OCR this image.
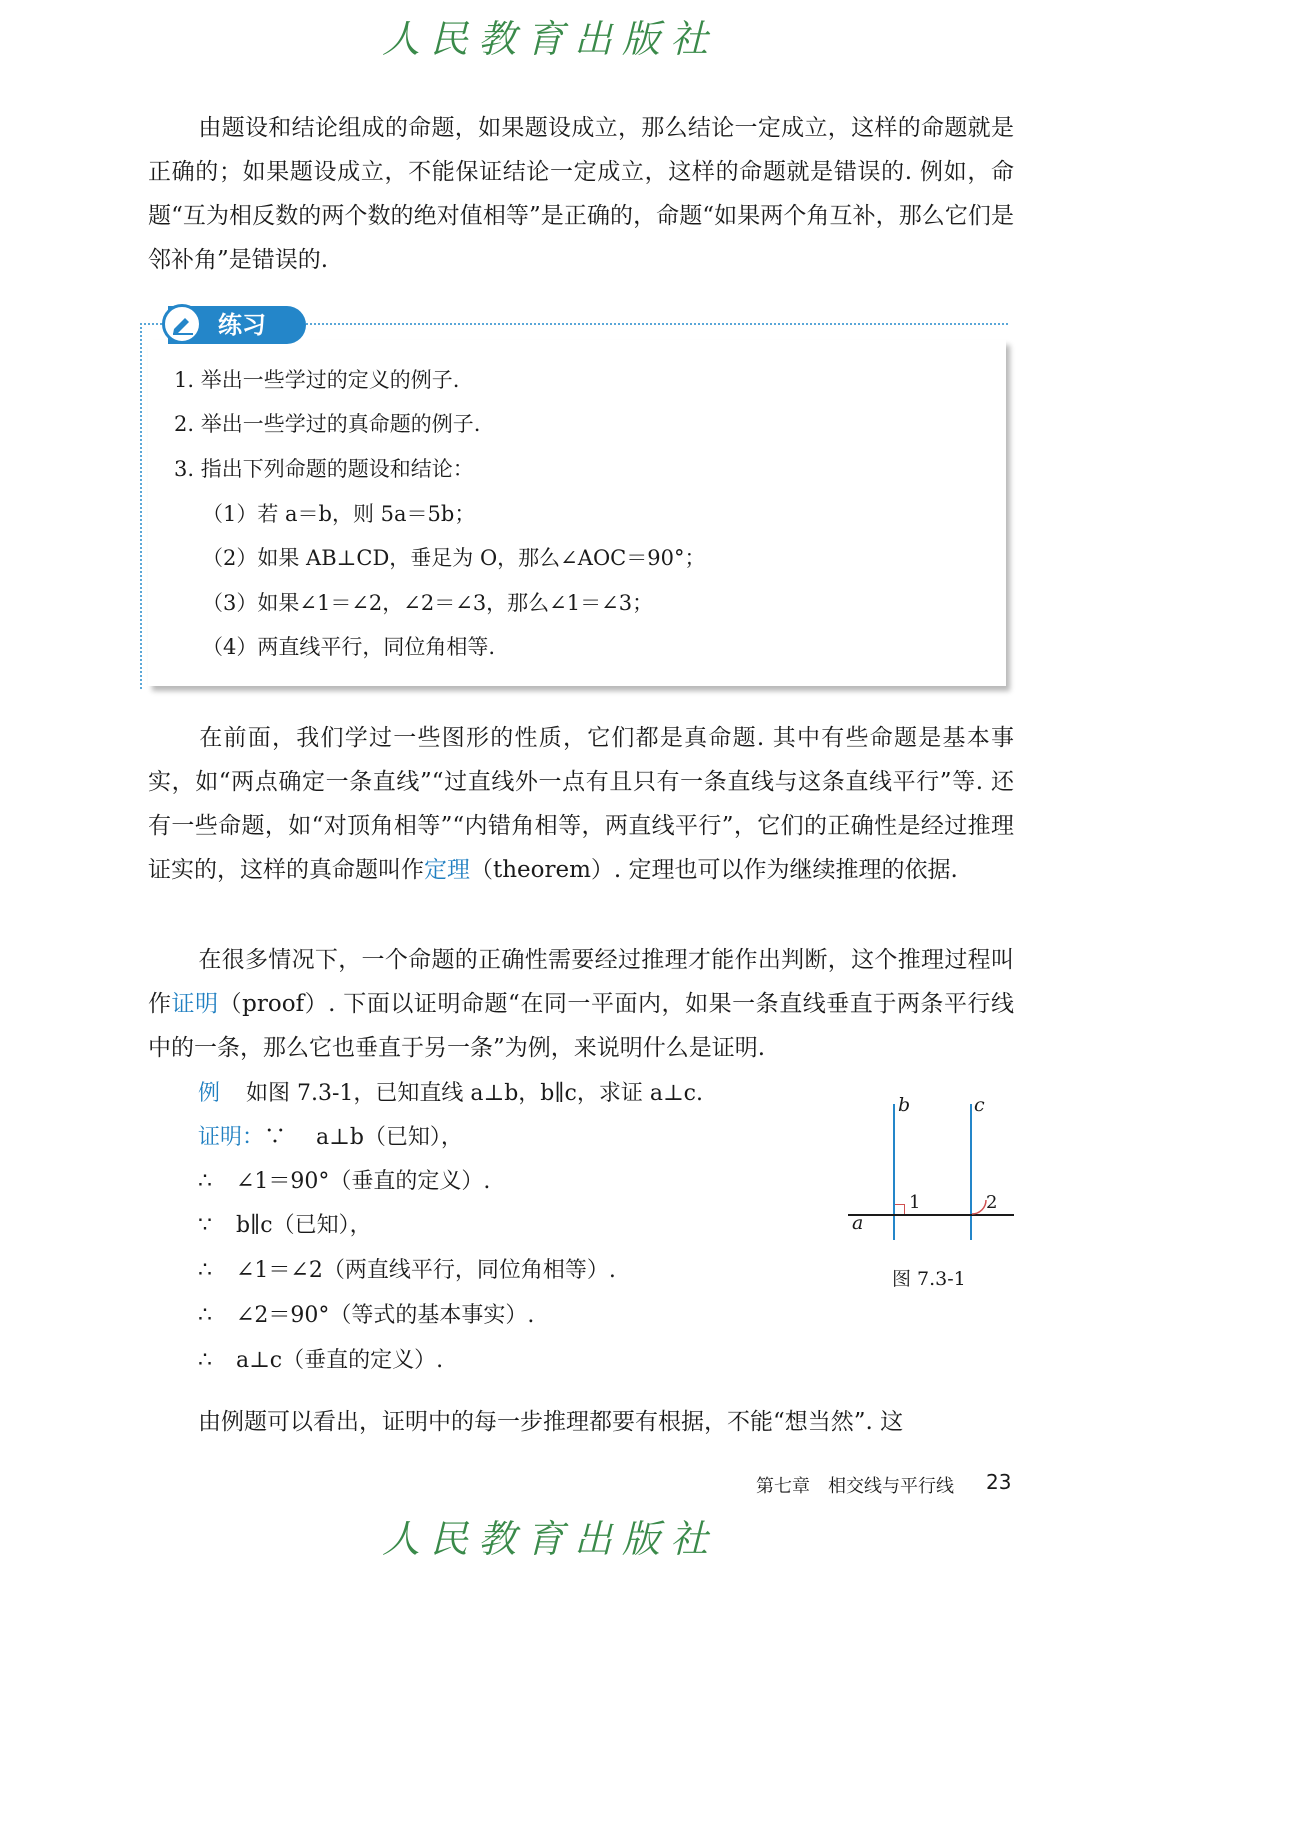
人民教育出版社

由题设和结论组成的命题，如果题设成立，那么结论一定成立，这样的命题就是正确的；如果题设成立，不能保证结论一定成立，这样的命题就是错误的. 例如，命题“互为相反数的两个数的绝对值相等”是正确的，命题“如果两个角互补，那么它们是邻补角”是错误的.

练习
1. 举出一些学过的定义的例子.
2. 举出一些学过的真命题的例子.
3. 指出下列命题的题设和结论：
（1）若 a＝b，则 5a＝5b；
（2）如果 AB⊥CD，垂足为 O，那么∠AOC＝90°；
（3）如果∠1＝∠2，∠2＝∠3，那么∠1＝∠3；
（4）两直线平行，同位角相等.

在前面，我们学过一些图形的性质，它们都是真命题. 其中有些命题是基本事实，如“两点确定一条直线”“过直线外一点有且只有一条直线与这条直线平行”等. 还有一些命题，如“对顶角相等”“内错角相等，两直线平行”，它们的正确性是经过推理证实的，这样的真命题叫作定理（theorem）. 定理也可以作为继续推理的依据.

在很多情况下，一个命题的正确性需要经过推理才能作出判断，这个推理过程叫作证明（proof）. 下面以证明命题“在同一平面内，如果一条直线垂直于两条平行线中的一条，那么它也垂直于另一条”为例，来说明什么是证明.

例 如图 7.3-1，已知直线 a⊥b，b∥c，求证 a⊥c.
证明：∵ a⊥b（已知），
∴ ∠1＝90°（垂直的定义）.
∵ b∥c（已知），
∴ ∠1＝∠2（两直线平行，同位角相等）.
∴ ∠2＝90°（等式的基本事实）.
∴ a⊥c（垂直的定义）.
b	c
a
1	2
图 7.3-1

由例题可以看出，证明中的每一步推理都要有根据，不能“想当然”. 这

第七章　相交线与平行线 23
人民教育出版社
